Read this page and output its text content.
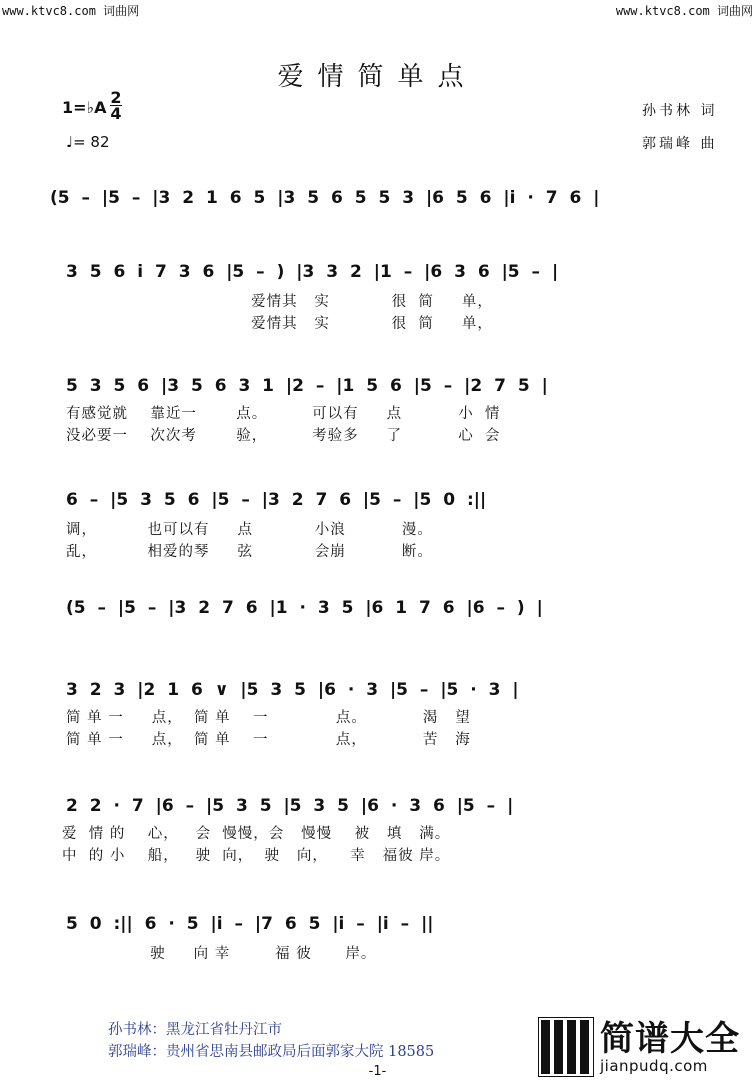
www.ktvc8.com 词曲网	www.ktvc8.com 词曲网
爱情简单点
1=♭A
2
4
♩= 82
孙书林 词
郭瑞峰 曲
(5 – |5 – |3 2 1 6 5 |3 5 6 5 5 3 |6 5 6 |i · 7 6 |
3 5 6 i 7 3 6 |5 – ) |3 3 2 |1 – |6 3 6 |5 – |
爱情其   实           很  简     单，
爱情其   实           很  简     单，
5 3 5 6 |3 5 6 3 1 |2 – |1 5 6 |5 – |2 7 5 |
有感觉就    靠近一       点。        可以有     点          小  情
没必要一    次次考       验，        考验多     了          心  会
6 – |5 3 5 6 |5 – |3 2 7 6 |5 – |5 0 :||
调，         也可以有     点           小浪          漫。
乱，         相爱的琴     弦           会崩          断。
(5 – |5 – |3 2 7 6 |1 · 3 5 |6 1 7 6 |6 – ) |
3 2 3 |2 1 6 ∨ |5 3 5 |6 · 3 |5 – |5 · 3 |
简 单 一     点，  简 单    一            点。          渴   望
简 单 一     点，  简 单    一            点，          苦   海
2 2 · 7 |6 – |5 3 5 |5 3 5 |6 · 3 6 |5 – |
爱  情 的    心，   会  慢慢，会   慢慢    被   填   满。
中  的 小    船，   驶  向，  驶   向，    幸   福彼 岸。
5 0 :|| 6 · 5 |i – |7 6 5 |i – |i – ||
驶     向 幸        福 彼      岸。
孙书林：黑龙江省牡丹江市
郭瑞峰：贵州省思南县邮政局后面郭家大院 18585	简谱大全
jianpudq.com
-1-
